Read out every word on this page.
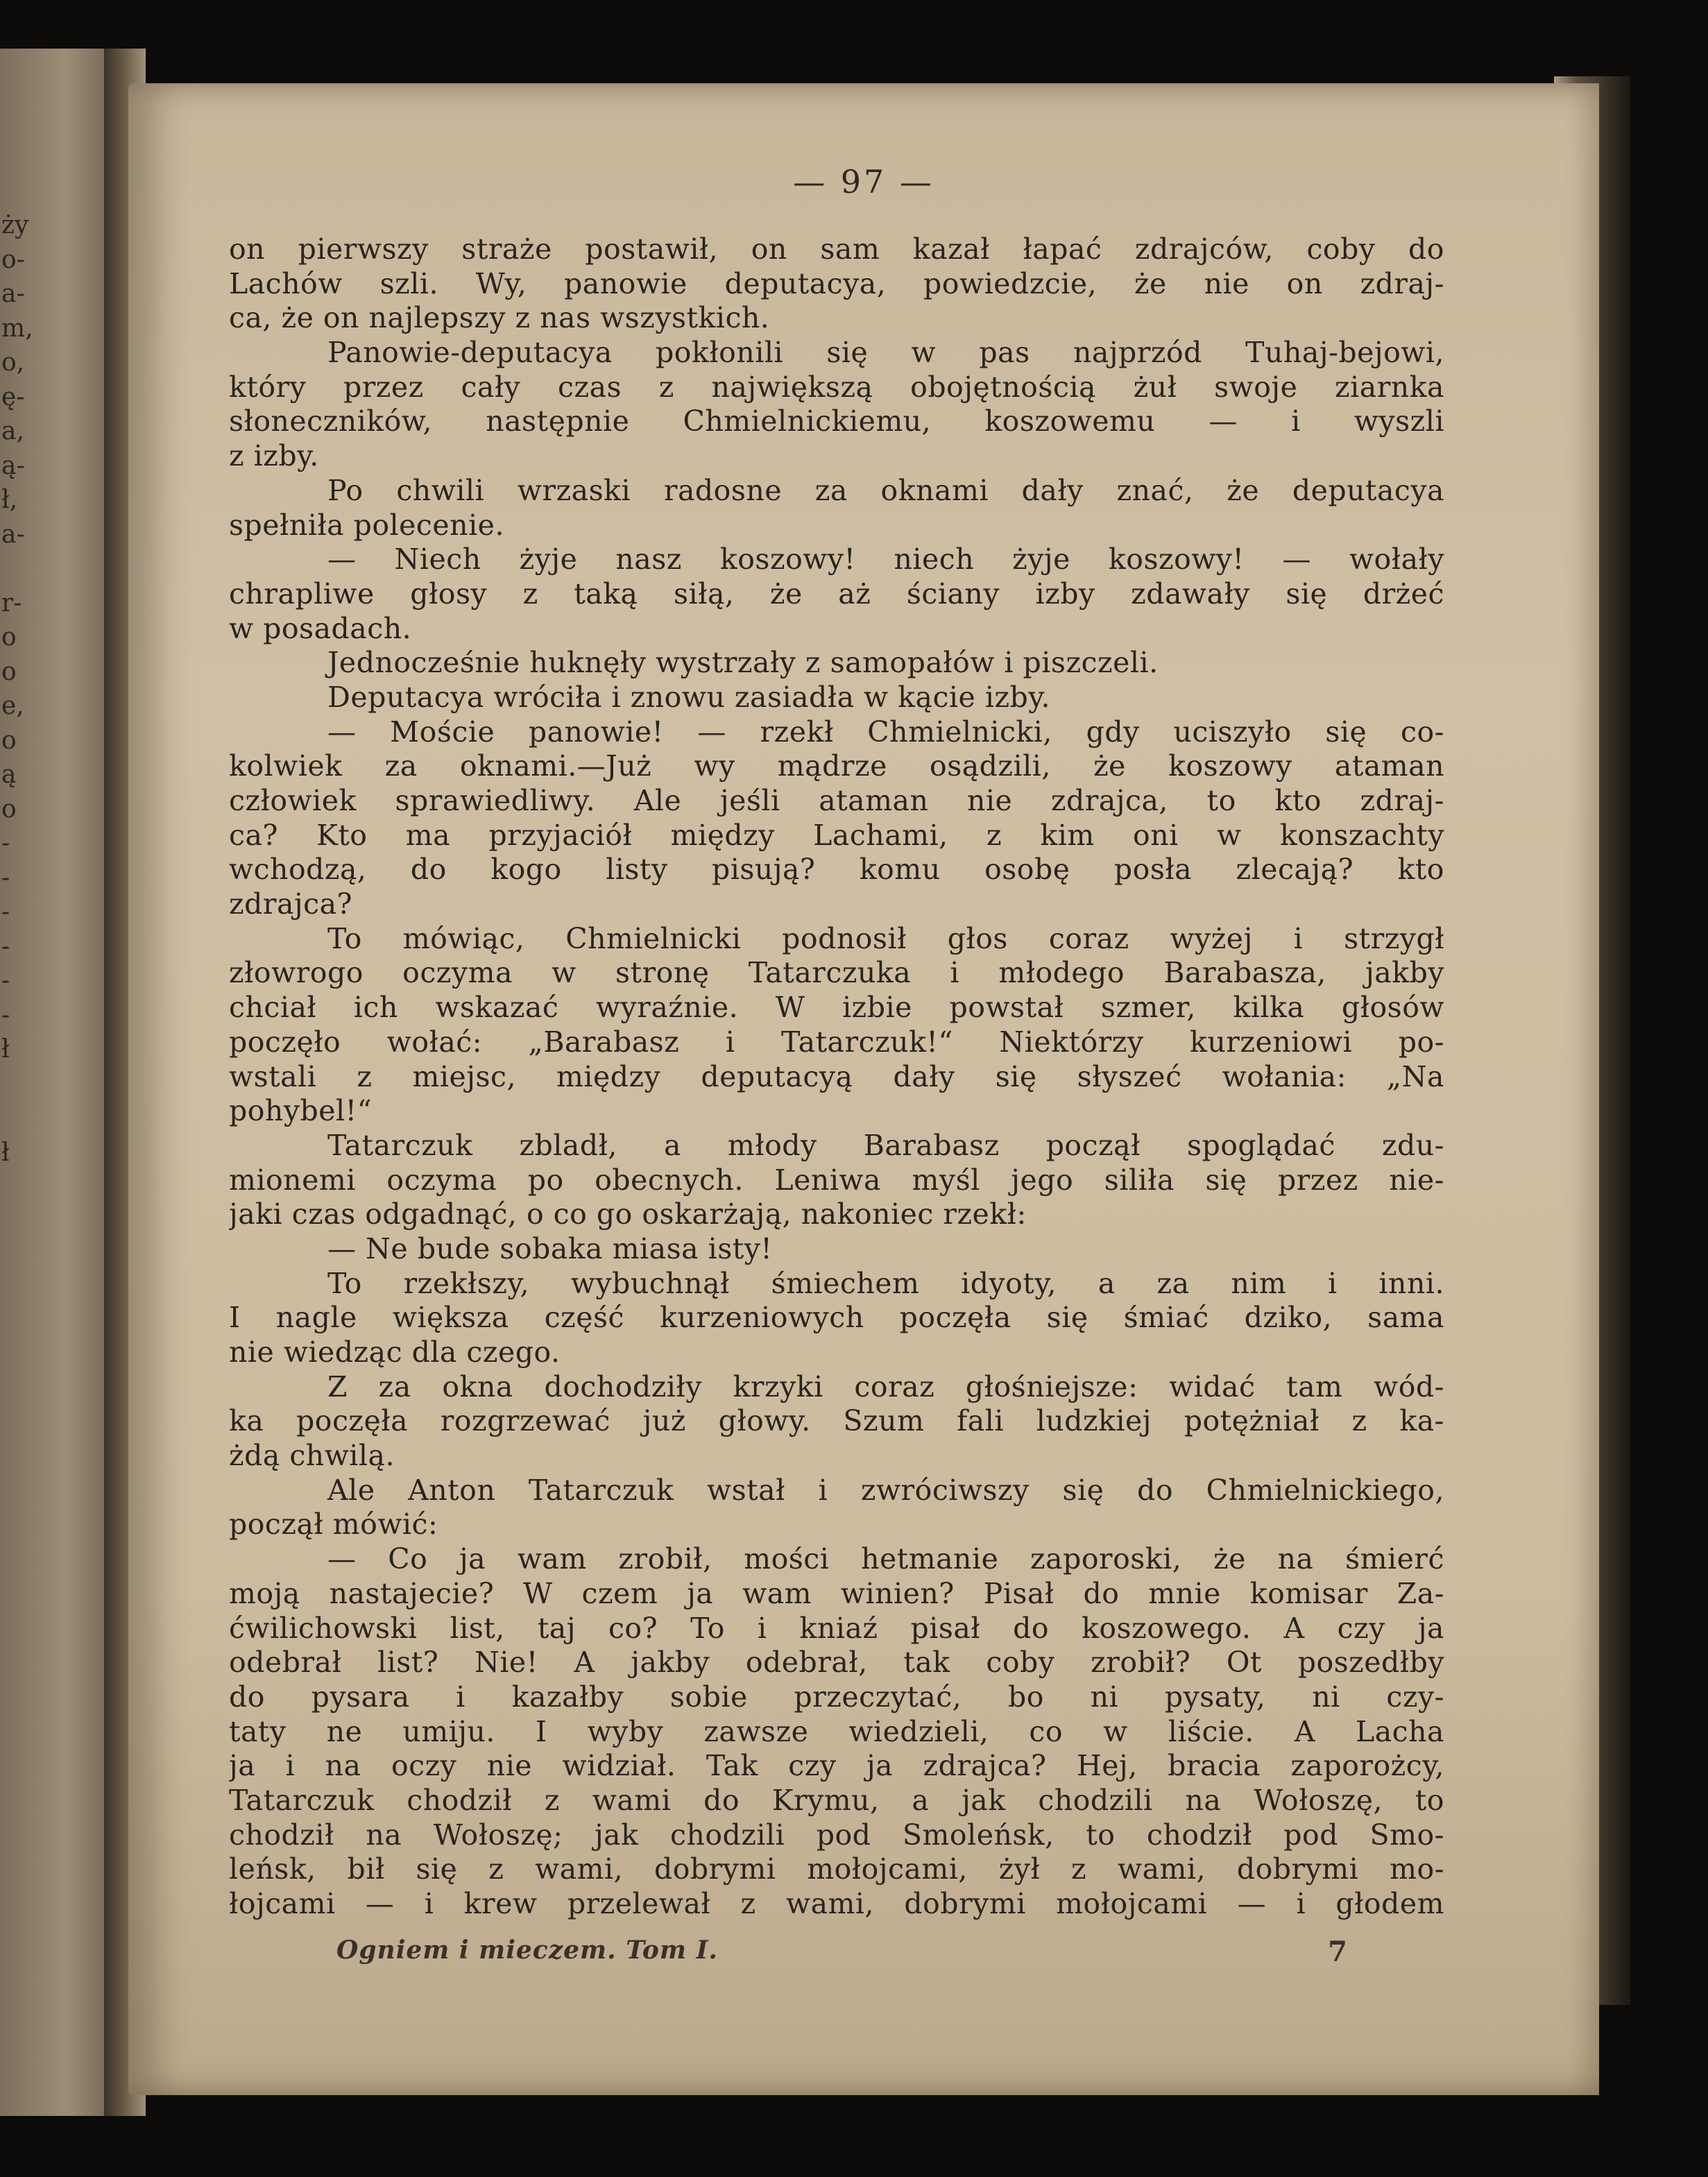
ży
o-
a-
m,
o,
ę-
a,
ą-
ł,
a-
r-
o
o
e,
o
ą
o
-
-
-
-
-
-
ł
ł
— 97 —
on pierwszy straże postawił, on sam kazał łapać zdrajców, coby do
Lachów szli. Wy, panowie deputacya, powiedzcie, że nie on zdraj-
ca, że on najlepszy z nas wszystkich.
Panowie-deputacya pokłonili się w pas najprzód Tuhaj-bejowi,
który przez cały czas z największą obojętnością żuł swoje ziarnka
słoneczników, następnie Chmielnickiemu, koszowemu — i wyszli
z izby.
Po chwili wrzaski radosne za oknami dały znać, że deputacya
spełniła polecenie.
— Niech żyje nasz koszowy! niech żyje koszowy! — wołały
chrapliwe głosy z taką siłą, że aż ściany izby zdawały się drżeć
w posadach.
Jednocześnie huknęły wystrzały z samopałów i piszczeli.
Deputacya wróciła i znowu zasiadła w kącie izby.
— Moście panowie! — rzekł Chmielnicki, gdy uciszyło się co-
kolwiek za oknami.—Już wy mądrze osądzili, że koszowy ataman
człowiek sprawiedliwy. Ale jeśli ataman nie zdrajca, to kto zdraj-
ca? Kto ma przyjaciół między Lachami, z kim oni w konszachty
wchodzą, do kogo listy pisują? komu osobę posła zlecają? kto
zdrajca?
To mówiąc, Chmielnicki podnosił głos coraz wyżej i strzygł
złowrogo oczyma w stronę Tatarczuka i młodego Barabasza, jakby
chciał ich wskazać wyraźnie. W izbie powstał szmer, kilka głosów
poczęło wołać: „Barabasz i Tatarczuk!“ Niektórzy kurzeniowi po-
wstali z miejsc, między deputacyą dały się słyszeć wołania: „Na
pohybel!“
Tatarczuk zbladł, a młody Barabasz począł spoglądać zdu-
mionemi oczyma po obecnych. Leniwa myśl jego siliła się przez nie-
jaki czas odgadnąć, o co go oskarżają, nakoniec rzekł:
— Ne bude sobaka miasa isty!
To rzekłszy, wybuchnął śmiechem idyoty, a za nim i inni.
I nagle większa część kurzeniowych poczęła się śmiać dziko, sama
nie wiedząc dla czego.
Z za okna dochodziły krzyki coraz głośniejsze: widać tam wód-
ka poczęła rozgrzewać już głowy. Szum fali ludzkiej potężniał z ka-
żdą chwilą.
Ale Anton Tatarczuk wstał i zwróciwszy się do Chmielnickiego,
począł mówić:
— Co ja wam zrobił, mości hetmanie zaporoski, że na śmierć
moją nastajecie? W czem ja wam winien? Pisał do mnie komisar Za-
ćwilichowski list, taj co? To i kniaź pisał do koszowego. A czy ja
odebrał list? Nie! A jakby odebrał, tak coby zrobił? Ot poszedłby
do pysara i kazałby sobie przeczytać, bo ni pysaty, ni czy-
taty ne umiju. I wyby zawsze wiedzieli, co w liście. A Lacha
ja i na oczy nie widział. Tak czy ja zdrajca? Hej, bracia zaporożcy,
Tatarczuk chodził z wami do Krymu, a jak chodzili na Wołoszę, to
chodził na Wołoszę; jak chodzili pod Smoleńsk, to chodził pod Smo-
leńsk, bił się z wami, dobrymi mołojcami, żył z wami, dobrymi mo-
łojcami — i krew przelewał z wami, dobrymi mołojcami — i głodem
Ogniem i mieczem. Tom I.	7
